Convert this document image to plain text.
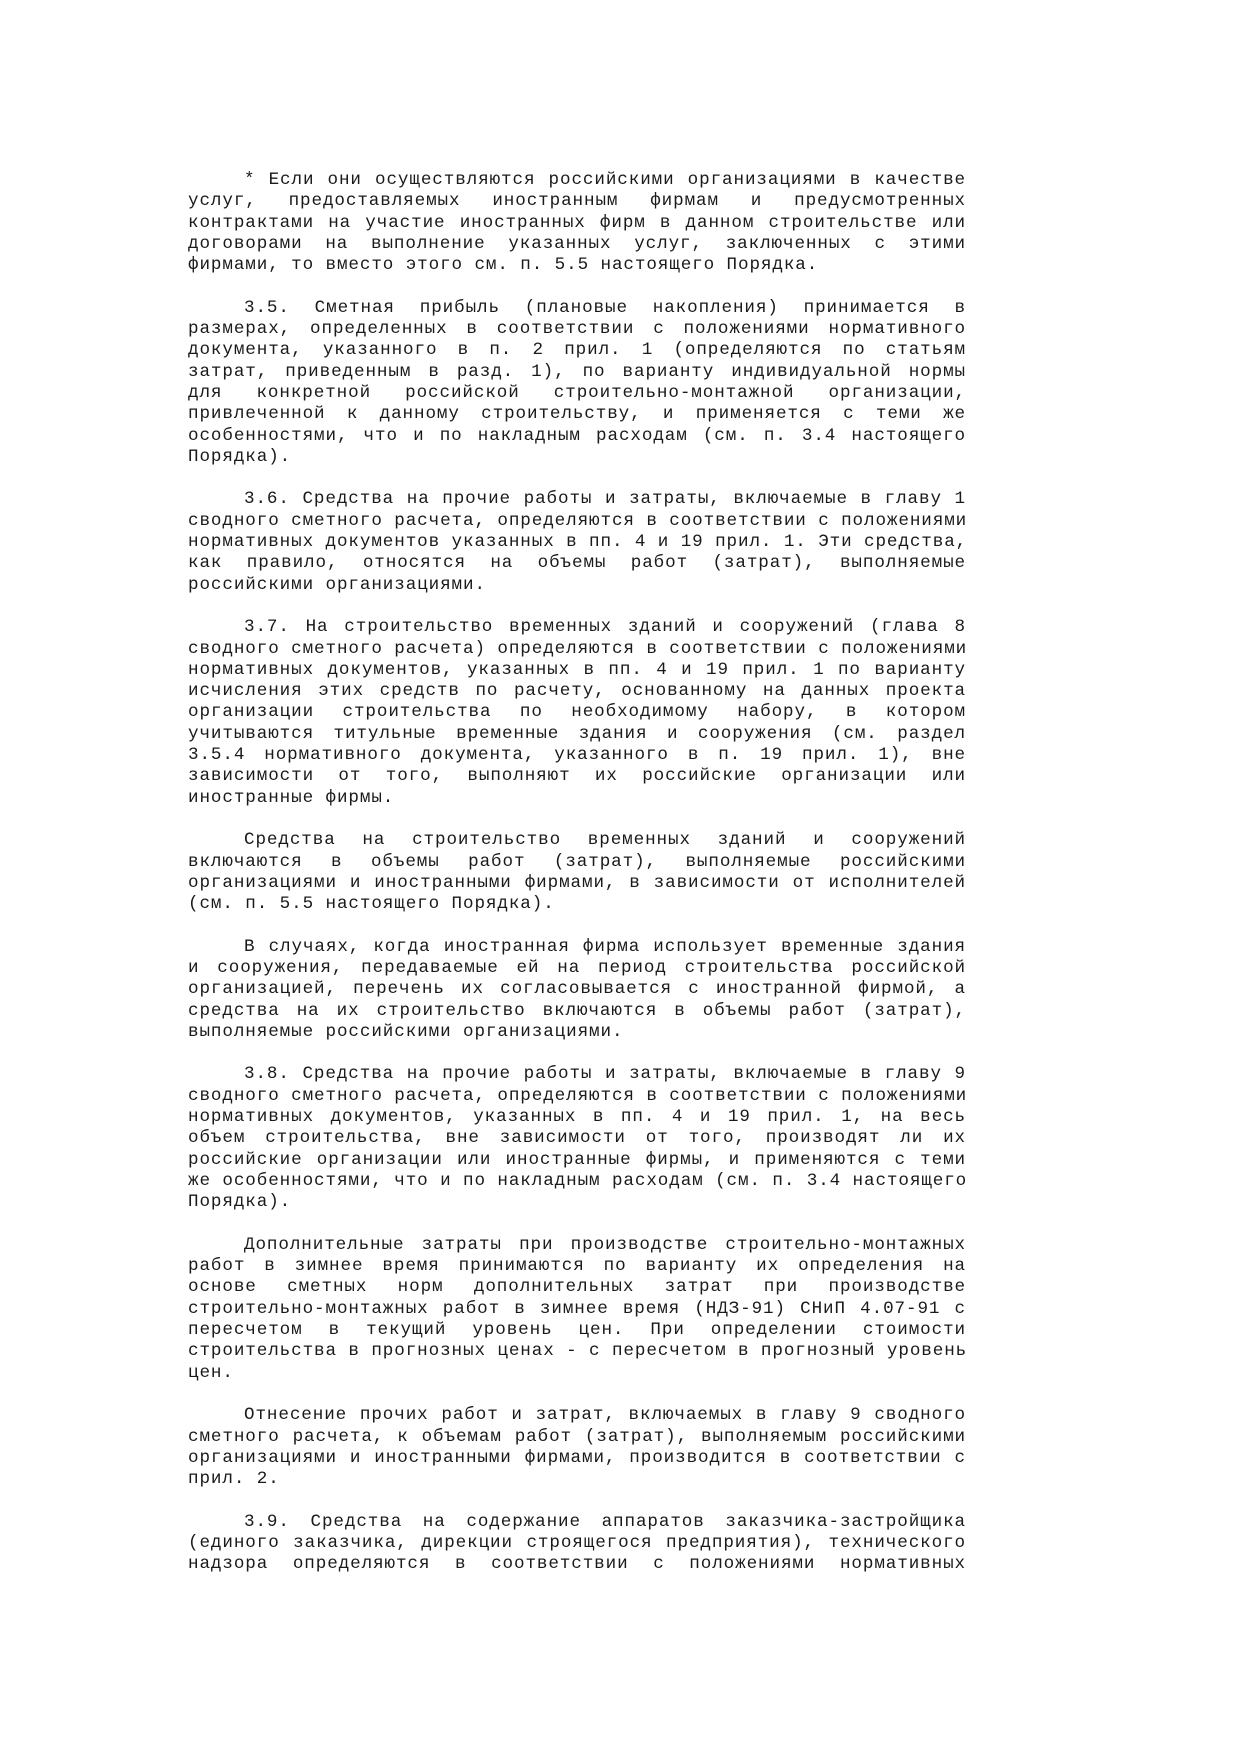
* Если они осуществляются российскими организациями в качестве
услуг, предоставляемых иностранным фирмам и предусмотренных
контрактами на участие иностранных фирм в данном строительстве или
договорами на выполнение указанных услуг, заключенных с этими
фирмами, то вместо этого см. п. 5.5 настоящего Порядка.
3.5. Сметная прибыль (плановые накопления) принимается в
размерах, определенных в соответствии с положениями нормативного
документа, указанного в п. 2 прил. 1 (определяются по статьям
затрат, приведенным в разд. 1), по варианту индивидуальной нормы
для конкретной российской строительно-монтажной организации,
привлеченной к данному строительству, и применяется с теми же
особенностями, что и по накладным расходам (см. п. 3.4 настоящего
Порядка).
3.6. Средства на прочие работы и затраты, включаемые в главу 1
сводного сметного расчета, определяются в соответствии с положениями
нормативных документов указанных в пп. 4 и 19 прил. 1. Эти средства,
как правило, относятся на объемы работ (затрат), выполняемые
российскими организациями.
3.7. На строительство временных зданий и сооружений (глава 8
сводного сметного расчета) определяются в соответствии с положениями
нормативных документов, указанных в пп. 4 и 19 прил. 1 по варианту
исчисления этих средств по расчету, основанному на данных проекта
организации строительства по необходимому набору, в котором
учитываются титульные временные здания и сооружения (см. раздел
3.5.4 нормативного документа, указанного в п. 19 прил. 1), вне
зависимости от того, выполняют их российские организации или
иностранные фирмы.
Средства на строительство временных зданий и сооружений
включаются в объемы работ (затрат), выполняемые российскими
организациями и иностранными фирмами, в зависимости от исполнителей
(см. п. 5.5 настоящего Порядка).
В случаях, когда иностранная фирма использует временные здания
и сооружения, передаваемые ей на период строительства российской
организацией, перечень их согласовывается с иностранной фирмой, а
средства на их строительство включаются в объемы работ (затрат),
выполняемые российскими организациями.
3.8. Средства на прочие работы и затраты, включаемые в главу 9
сводного сметного расчета, определяются в соответствии с положениями
нормативных документов, указанных в пп. 4 и 19 прил. 1, на весь
объем строительства, вне зависимости от того, производят ли их
российские организации или иностранные фирмы, и применяются с теми
же особенностями, что и по накладным расходам (см. п. 3.4 настоящего
Порядка).
Дополнительные затраты при производстве строительно-монтажных
работ в зимнее время принимаются по варианту их определения на
основе сметных норм дополнительных затрат при производстве
строительно-монтажных работ в зимнее время (НДЗ-91) СНиП 4.07-91 с
пересчетом в текущий уровень цен. При определении стоимости
строительства в прогнозных ценах - с пересчетом в прогнозный уровень
цен.
Отнесение прочих работ и затрат, включаемых в главу 9 сводного
сметного расчета, к объемам работ (затрат), выполняемым российскими
организациями и иностранными фирмами, производится в соответствии с
прил. 2.
3.9. Средства на содержание аппаратов заказчика-застройщика
(единого заказчика, дирекции строящегося предприятия), технического
надзора определяются в соответствии с положениями нормативных
